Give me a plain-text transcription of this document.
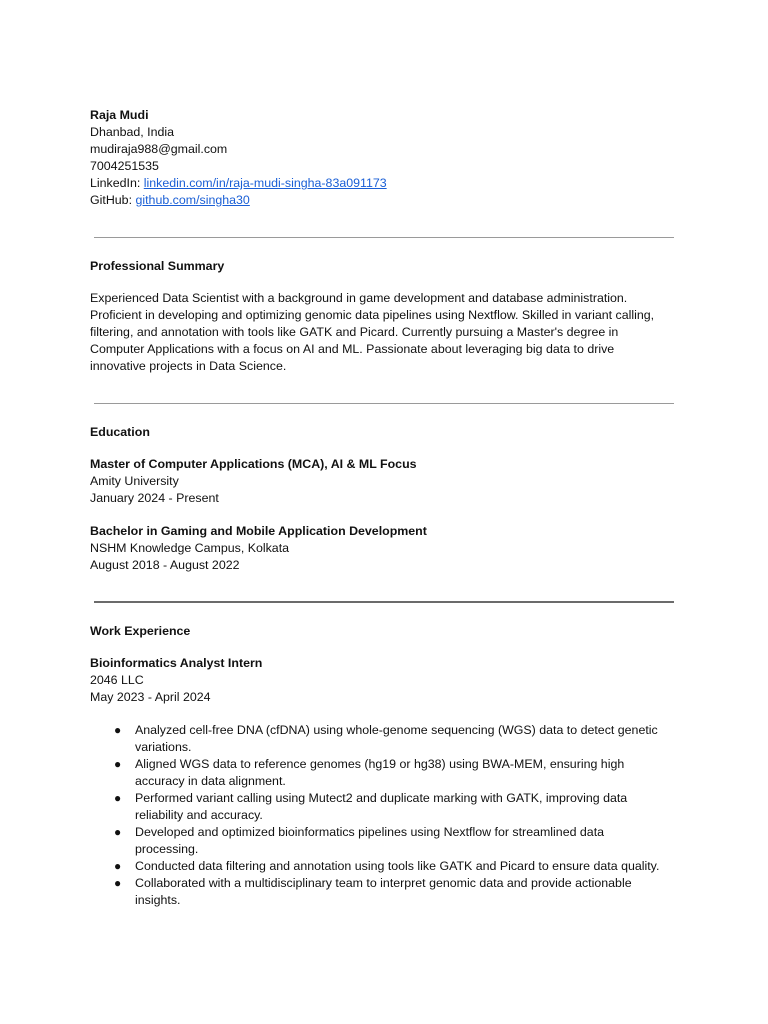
Raja Mudi
Dhanbad, India
mudiraja988@gmail.com
7004251535
LinkedIn: linkedin.com/in/raja-mudi-singha-83a091173
GitHub: github.com/singha30
Professional Summary
Experienced Data Scientist with a background in game development and database administration.
Proficient in developing and optimizing genomic data pipelines using Nextflow. Skilled in variant calling,
filtering, and annotation with tools like GATK and Picard. Currently pursuing a Master's degree in
Computer Applications with a focus on AI and ML. Passionate about leveraging big data to drive
innovative projects in Data Science.
Education
Master of Computer Applications (MCA), AI & ML Focus
Amity University
January 2024 - Present
Bachelor in Gaming and Mobile Application Development
NSHM Knowledge Campus, Kolkata
August 2018 - August 2022
Work Experience
Bioinformatics Analyst Intern
2046 LLC
May 2023 - April 2024
● Analyzed cell-free DNA (cfDNA) using whole-genome sequencing (WGS) data to detect genetic
variations.
● Aligned WGS data to reference genomes (hg19 or hg38) using BWA-MEM, ensuring high
accuracy in data alignment.
● Performed variant calling using Mutect2 and duplicate marking with GATK, improving data
reliability and accuracy.
● Developed and optimized bioinformatics pipelines using Nextflow for streamlined data
processing.
● Conducted data filtering and annotation using tools like GATK and Picard to ensure data quality.
● Collaborated with a multidisciplinary team to interpret genomic data and provide actionable
insights.
